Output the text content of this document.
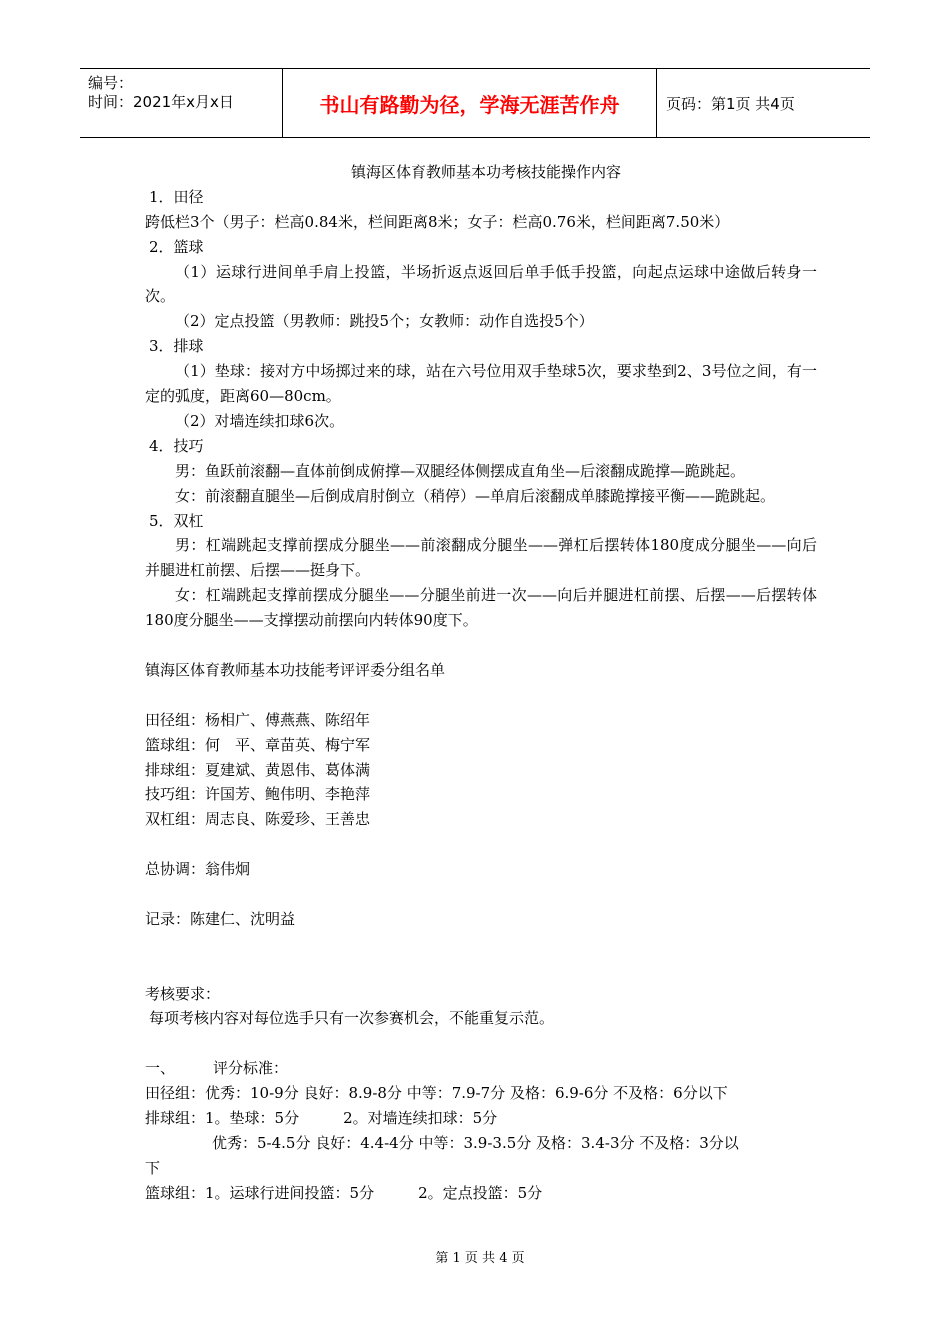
编号：
时间：2021年x月x日	书山有路勤为径，学海无涯苦作舟	页码：第1页 共4页
镇海区体育教师基本功考核技能操作内容
1．田径
跨低栏3个（男子：栏高0.84米，栏间距离8米；女子：栏高0.76米，栏间距离7.50米）
2．篮球
（1）运球行进间单手肩上投篮，半场折返点返回后单手低手投篮，向起点运球中途做后转身一次。
（2）定点投篮（男教师：跳投5个；女教师：动作自选投5个）
3．排球
（1）垫球：接对方中场掷过来的球，站在六号位用双手垫球5次，要求垫到2、3号位之间，有一定的弧度，距离60—80cm。
（2）对墙连续扣球6次。
4．技巧
男：鱼跃前滚翻—直体前倒成俯撑—双腿经体侧摆成直角坐—后滚翻成跪撑—跪跳起。
女：前滚翻直腿坐—后倒成肩肘倒立（稍停）—单肩后滚翻成单膝跪撑接平衡——跪跳起。
5．双杠
男：杠端跳起支撑前摆成分腿坐——前滚翻成分腿坐——弹杠后摆转体180度成分腿坐——向后并腿进杠前摆、后摆——挺身下。
女：杠端跳起支撑前摆成分腿坐——分腿坐前进一次——向后并腿进杠前摆、后摆——后摆转体180度分腿坐——支撑摆动前摆向内转体90度下。
镇海区体育教师基本功技能考评评委分组名单
田径组：杨相广、傅燕燕、陈绍年
篮球组：何　平、章苗英、梅宁军
排球组：夏建斌、黄恩伟、葛体满
技巧组：许国芳、鲍伟明、李艳萍
双杠组：周志良、陈爱珍、王善忠
总协调：翁伟炯
记录：陈建仁、沈明益
考核要求：
每项考核内容对每位选手只有一次参赛机会，不能重复示范。
一、	评分标准：
田径组：优秀：10-9分 良好：8.9-8分 中等：7.9-7分 及格：6.9-6分 不及格：6分以下
排球组：1。垫球：5分	2。对墙连续扣球：5分
优秀：5-4.5分 良好：4.4-4分 中等：3.9-3.5分 及格：3.4-3分 不及格：3分以
下
篮球组：1。运球行进间投篮：5分	2。定点投篮：5分
第 1 页 共 4 页
